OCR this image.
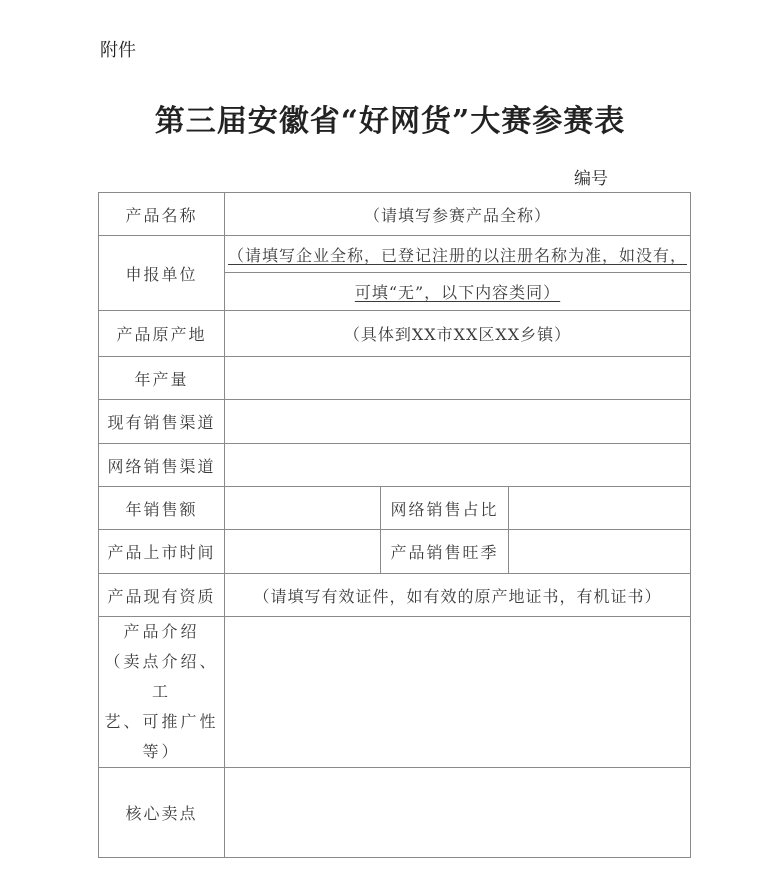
附件
第三届安徽省“好网货”大赛参赛表
编号
产品名称	（请填写参赛产品全称）		
申报单位	（请填写企业全称，已登记注册的以注册名称为准，如没有，		
	可填“无”，以下内容类同）		
产品原产地	（具体到XX市XX区XX乡镇）		
年产量			
现有销售渠道			
网络销售渠道			
年销售额		网络销售占比	
产品上市时间		产品销售旺季	
产品现有资质	（请填写有效证件，如有效的原产地证书，有机证书）		

产品介绍
（卖点介绍、工
艺、可推广性
等）			

核心卖点			
